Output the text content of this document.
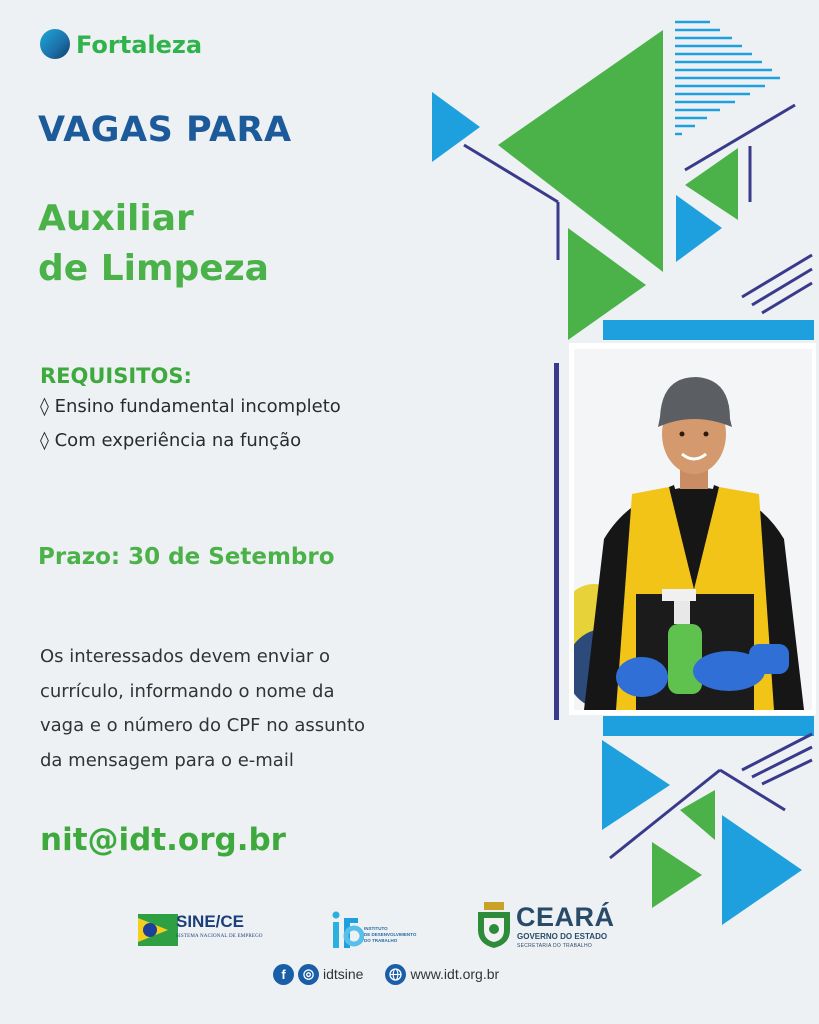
Fortaleza
VAGAS PARA
Auxiliar
de Limpeza
REQUISITOS:
◊ Ensino fundamental incompleto
◊ Com experiência na função
Prazo: 30 de Setembro
Os interessados devem enviar o
currículo, informando o nome da
vaga e o número do CPF no assunto
da mensagem para o e-mail
nit@idt.org.br
SINE/CE
SISTEMA NACIONAL DE EMPREGO
INSTITUTO
DE DESENVOLVIMENTO
DO TRABALHO
CEARÁ
GOVERNO DO ESTADO
SECRETARIA DO TRABALHO
f	◎ idtsine	www.idt.org.br
